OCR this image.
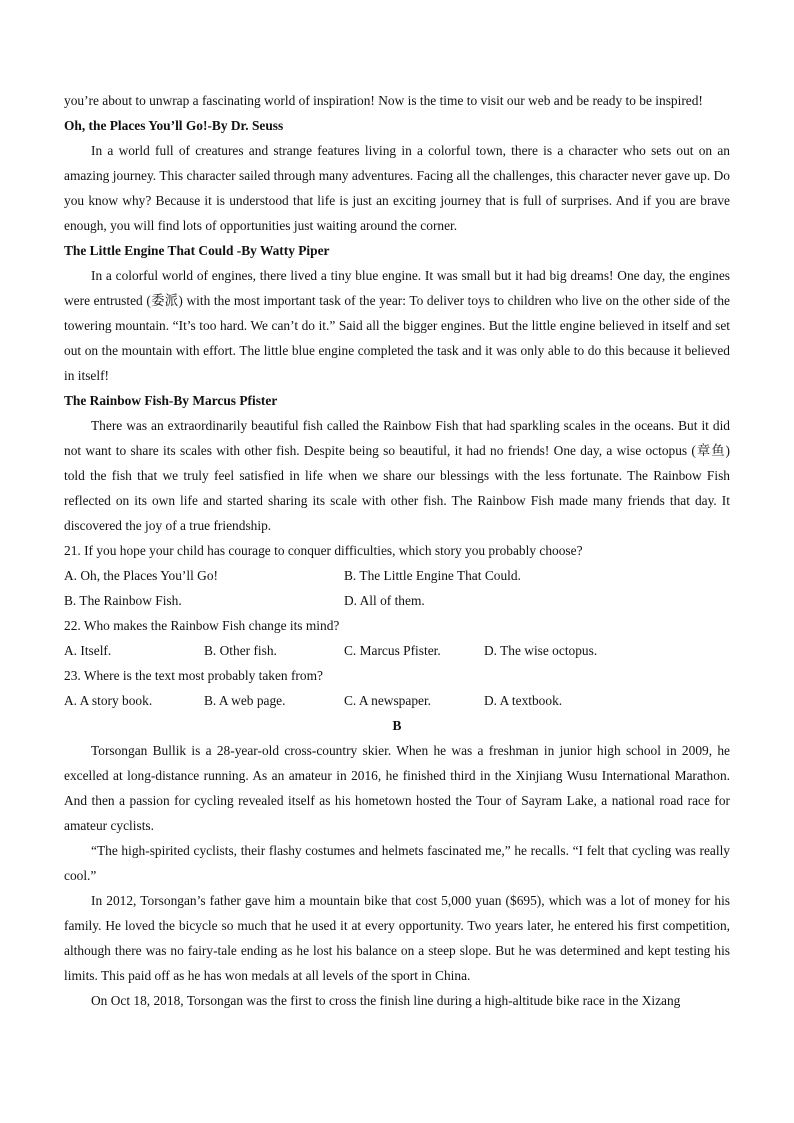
you’re about to unwrap a fascinating world of inspiration! Now is the time to visit our web and be ready to be inspired!

Oh, the Places You’ll Go!-By Dr. Seuss

In a world full of creatures and strange features living in a colorful town, there is a character who sets out on an amazing journey. This character sailed through many adventures. Facing all the challenges, this character never gave up. Do you know why? Because it is understood that life is just an exciting journey that is full of surprises. And if you are brave enough, you will find lots of opportunities just waiting around the corner.

The Little Engine That Could -By Watty Piper

In a colorful world of engines, there lived a tiny blue engine. It was small but it had big dreams! One day, the engines were entrusted (委派) with the most important task of the year: To deliver toys to children who live on the other side of the towering mountain. “It’s too hard. We can’t do it.” Said all the bigger engines. But the little engine believed in itself and set out on the mountain with effort. The little blue engine completed the task and it was only able to do this because it believed in itself!

The Rainbow Fish-By Marcus Pfister

There was an extraordinarily beautiful fish called the Rainbow Fish that had sparkling scales in the oceans. But it did not want to share its scales with other fish. Despite being so beautiful, it had no friends! One day, a wise octopus (章鱼) told the fish that we truly feel satisfied in life when we share our blessings with the less fortunate. The Rainbow Fish reflected on its own life and started sharing its scale with other fish. The Rainbow Fish made many friends that day. It discovered the joy of a true friendship.

21. If you hope your child has courage to conquer difficulties, which story you probably choose?

A. Oh, the Places You’ll Go!	B. The Little Engine That Could.
B. The Rainbow Fish.	D. All of them.

22. Who makes the Rainbow Fish change its mind?

A. Itself.	B. Other fish.	C. Marcus Pfister.	D. The wise octopus.

23. Where is the text most probably taken from?

A. A story book.	B. A web page.	C. A newspaper.	D. A textbook.

B

Torsongan Bullik is a 28-year-old cross-country skier. When he was a freshman in junior high school in 2009, he excelled at long-distance running. As an amateur in 2016, he finished third in the Xinjiang Wusu International Marathon. And then a passion for cycling revealed itself as his hometown hosted the Tour of Sayram Lake, a national road race for amateur cyclists.

“The high-spirited cyclists, their flashy costumes and helmets fascinated me,” he recalls. “I felt that cycling was really cool.”

In 2012, Torsongan’s father gave him a mountain bike that cost 5,000 yuan ($695), which was a lot of money for his family. He loved the bicycle so much that he used it at every opportunity. Two years later, he entered his first competition, although there was no fairy-tale ending as he lost his balance on a steep slope. But he was determined and kept testing his limits. This paid off as he has won medals at all levels of the sport in China.

On Oct 18, 2018, Torsongan was the first to cross the finish line during a high-altitude bike race in the Xizang
